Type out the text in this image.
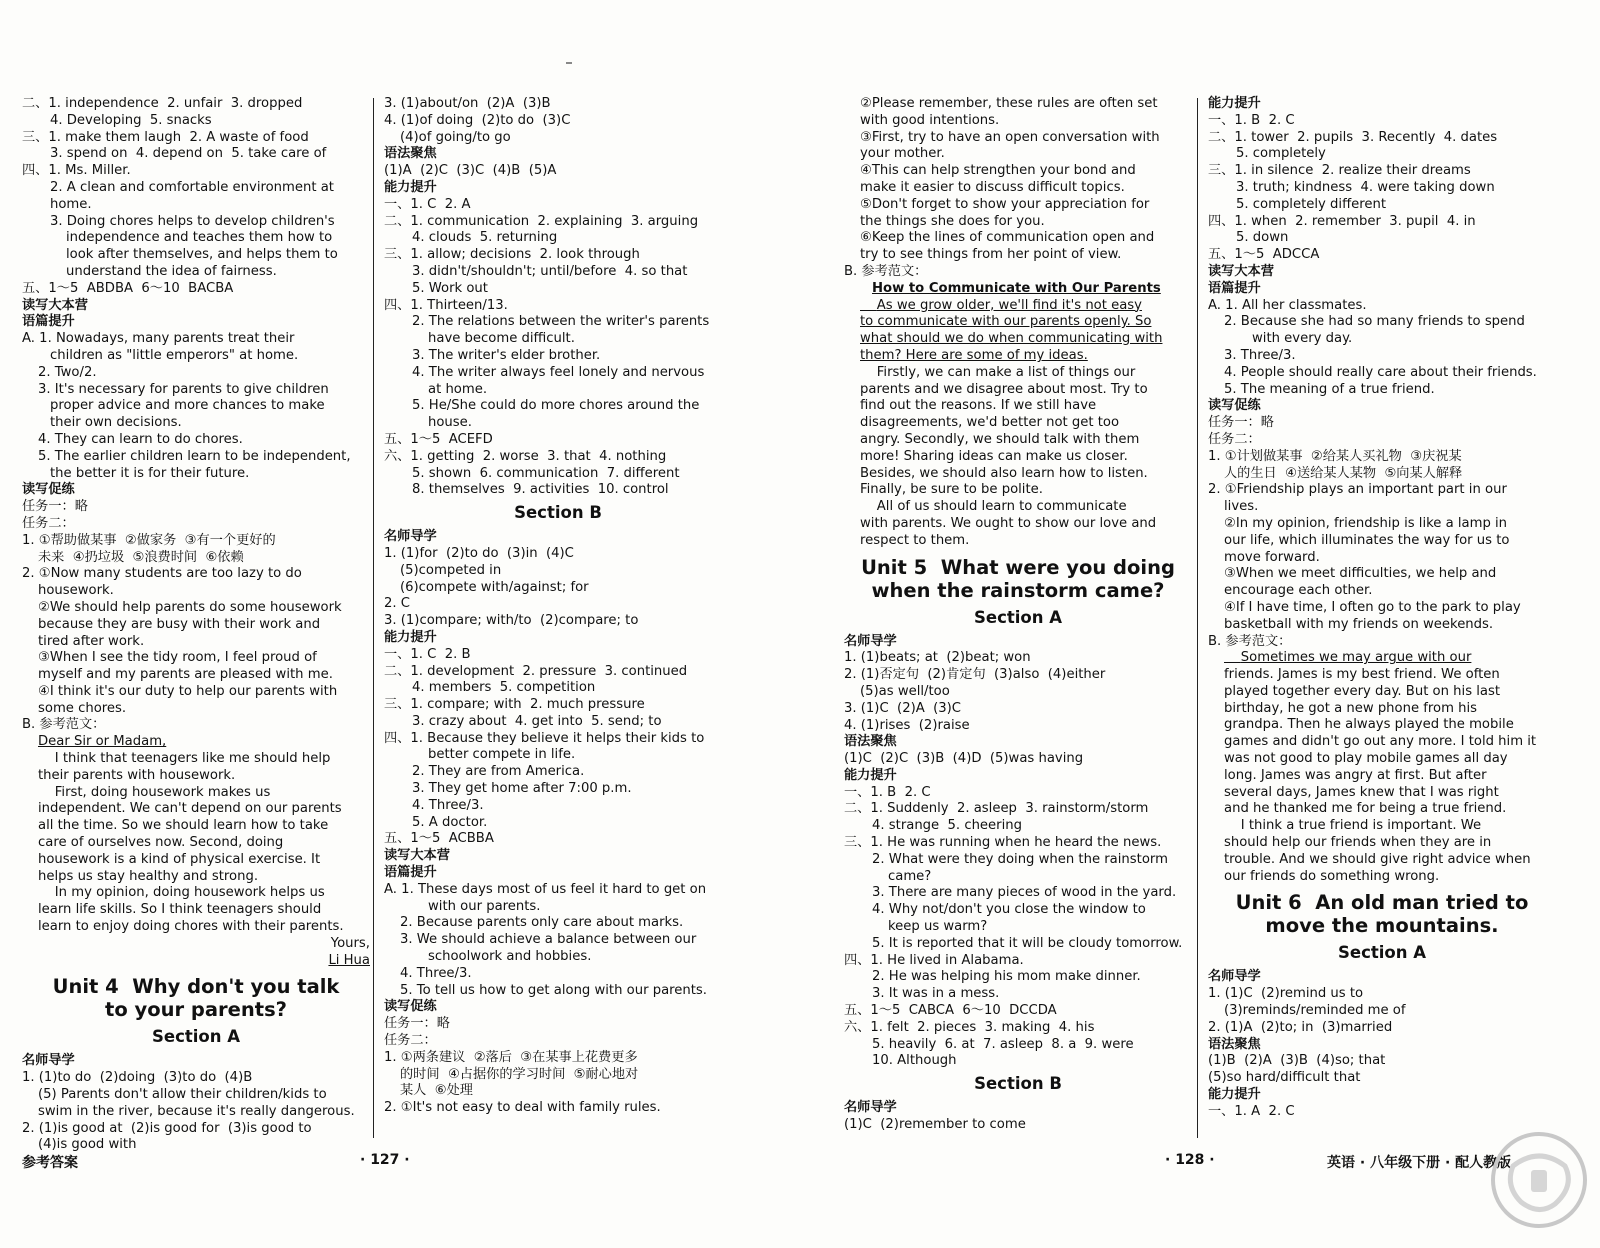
二、1. independence  2. unfair  3. dropped
4. Developing  5. snacks
三、1. make them laugh  2. A waste of food
3. spend on  4. depend on  5. take care of
四、1. Ms. Miller.
2. A clean and comfortable environment at home.
3. Doing chores helps to develop children's
independence and teaches them how to
look after themselves, and helps them to
understand the idea of fairness.
五、1～5  ABDBA  6～10  BACBA
读写大本营
语篇提升
A. 1. Nowadays, many parents treat their
children as "little emperors" at home.
2. Two/2.
3. It's necessary for parents to give children
proper advice and more chances to make
their own decisions.
4. They can learn to do chores.
5. The earlier children learn to be independent,
the better it is for their future.
读写促练
任务一：略
任务二：
1. ①帮助做某事  ②做家务  ③有一个更好的
未来  ④扔垃圾  ⑤浪费时间  ⑥依赖
2. ①Now many students are too lazy to do
housework.
②We should help parents do some housework
because they are busy with their work and
tired after work.
③When I see the tidy room, I feel proud of
myself and my parents are pleased with me.
④I think it's our duty to help our parents with
some chores.
B. 参考范文：
Dear Sir or Madam,
I think that teenagers like me should help
their parents with housework.
First, doing housework makes us
independent. We can't depend on our parents
all the time. So we should learn how to take
care of ourselves now. Second, doing
housework is a kind of physical exercise. It
helps us stay healthy and strong.
In my opinion, doing housework helps us
learn life skills. So I think teenagers should
learn to enjoy doing chores with their parents.
Yours,
Li Hua
Unit 4  Why don't you talk
to your parents?
Section A
名师导学
1. (1)to do  (2)doing  (3)to do  (4)B
(5) Parents don't allow their children/kids to
swim in the river, because it's really dangerous.
2. (1)is good at  (2)is good for  (3)is good to
(4)is good with
3. (1)about/on  (2)A  (3)B
4. (1)of doing  (2)to do  (3)C
(4)of going/to go
语法聚焦
(1)A  (2)C  (3)C  (4)B  (5)A
能力提升
一、1. C  2. A
二、1. communication  2. explaining  3. arguing
4. clouds  5. returning
三、1. allow; decisions  2. look through
3. didn't/shouldn't; until/before  4. so that
5. Work out
四、1. Thirteen/13.
2. The relations between the writer's parents
have become difficult.
3. The writer's elder brother.
4. The writer always feel lonely and nervous
at home.
5. He/She could do more chores around the
house.
五、1～5  ACEFD
六、1. getting  2. worse  3. that  4. nothing
5. shown  6. communication  7. different
8. themselves  9. activities  10. control
Section B
名师导学
1. (1)for  (2)to do  (3)in  (4)C
(5)competed in
(6)compete with/against; for
2. C
3. (1)compare; with/to  (2)compare; to
能力提升
一、1. C  2. B
二、1. development  2. pressure  3. continued
4. members  5. competition
三、1. compare; with  2. much pressure
3. crazy about  4. get into  5. send; to
四、1. Because they believe it helps their kids to
better compete in life.
2. They are from America.
3. They get home after 7:00 p.m.
4. Three/3.
5. A doctor.
五、1～5  ACBBA
读写大本营
语篇提升
A. 1. These days most of us feel it hard to get on
with our parents.
2. Because parents only care about marks.
3. We should achieve a balance between our
schoolwork and hobbies.
4. Three/3.
5. To tell us how to get along with our parents.
读写促练
任务一：略
任务二：
1. ①两条建议  ②落后  ③在某事上花费更多
的时间  ④占据你的学习时间  ⑤耐心地对
某人  ⑥处理
2. ①It's not easy to deal with family rules.
参考答案	· 127 ·
②Please remember, these rules are often set
with good intentions.
③First, try to have an open conversation with
your mother.
④This can help strengthen your bond and
make it easier to discuss difficult topics.
⑤Don't forget to show your appreciation for
the things she does for you.
⑥Keep the lines of communication open and
try to see things from her point of view.
B. 参考范文：
How to Communicate with Our Parents
As we grow older, we'll find it's not easy
to communicate with our parents openly. So
what should we do when communicating with
them? Here are some of my ideas.
Firstly, we can make a list of things our
parents and we disagree about most. Try to
find out the reasons. If we still have
disagreements, we'd better not get too
angry. Secondly, we should talk with them
more! Sharing ideas can make us closer.
Besides, we should also learn how to listen.
Finally, be sure to be polite.
All of us should learn to communicate
with parents. We ought to show our love and
respect to them.
Unit 5  What were you doing
when the rainstorm came?
Section A
名师导学
1. (1)beats; at  (2)beat; won
2. (1)否定句  (2)肯定句  (3)also  (4)either
(5)as well/too
3. (1)C  (2)A  (3)C
4. (1)rises  (2)raise
语法聚焦
(1)C  (2)C  (3)B  (4)D  (5)was having
能力提升
一、1. B  2. C
二、1. Suddenly  2. asleep  3. rainstorm/storm
4. strange  5. cheering
三、1. He was running when he heard the news.
2. What were they doing when the rainstorm
came?
3. There are many pieces of wood in the yard.
4. Why not/don't you close the window to
keep us warm?
5. It is reported that it will be cloudy tomorrow.
四、1. He lived in Alabama.
2. He was helping his mom make dinner.
3. It was in a mess.
五、1～5  CABCA  6～10  DCCDA
六、1. felt  2. pieces  3. making  4. his
5. heavily  6. at  7. asleep  8. a  9. were
10. Although
Section B
名师导学
(1)C  (2)remember to come
能力提升
一、1. B  2. C
二、1. tower  2. pupils  3. Recently  4. dates
5. completely
三、1. in silence  2. realize their dreams
3. truth; kindness  4. were taking down
5. completely different
四、1. when  2. remember  3. pupil  4. in
5. down
五、1～5  ADCCA
读写大本营
语篇提升
A. 1. All her classmates.
2. Because she had so many friends to spend
with every day.
3. Three/3.
4. People should really care about their friends.
5. The meaning of a true friend.
读写促练
任务一：略
任务二：
1. ①计划做某事  ②给某人买礼物  ③庆祝某
人的生日  ④送给某人某物  ⑤向某人解释
2. ①Friendship plays an important part in our
lives.
②In my opinion, friendship is like a lamp in
our life, which illuminates the way for us to
move forward.
③When we meet difficulties, we help and
encourage each other.
④If I have time, I often go to the park to play
basketball with my friends on weekends.
B. 参考范文：
Sometimes we may argue with our
friends. James is my best friend. We often
played together every day. But on his last
birthday, he got a new phone from his
grandpa. Then he always played the mobile
games and didn't go out any more. I told him it
was not good to play mobile games all day
long. James was angry at first. But after
several days, James knew that I was right
and he thanked me for being a true friend.
I think a true friend is important. We
should help our friends when they are in
trouble. And we should give right advice when
our friends do something wrong.
Unit 6  An old man tried to
move the mountains.
Section A
名师导学
1. (1)C  (2)remind us to
(3)reminds/reminded me of
2. (1)A  (2)to; in  (3)married
语法聚焦
(1)B  (2)A  (3)B  (4)so; that
(5)so hard/difficult that
能力提升
一、1. A  2. C
· 128 ·	英语 · 八年级下册 · 配人教版
